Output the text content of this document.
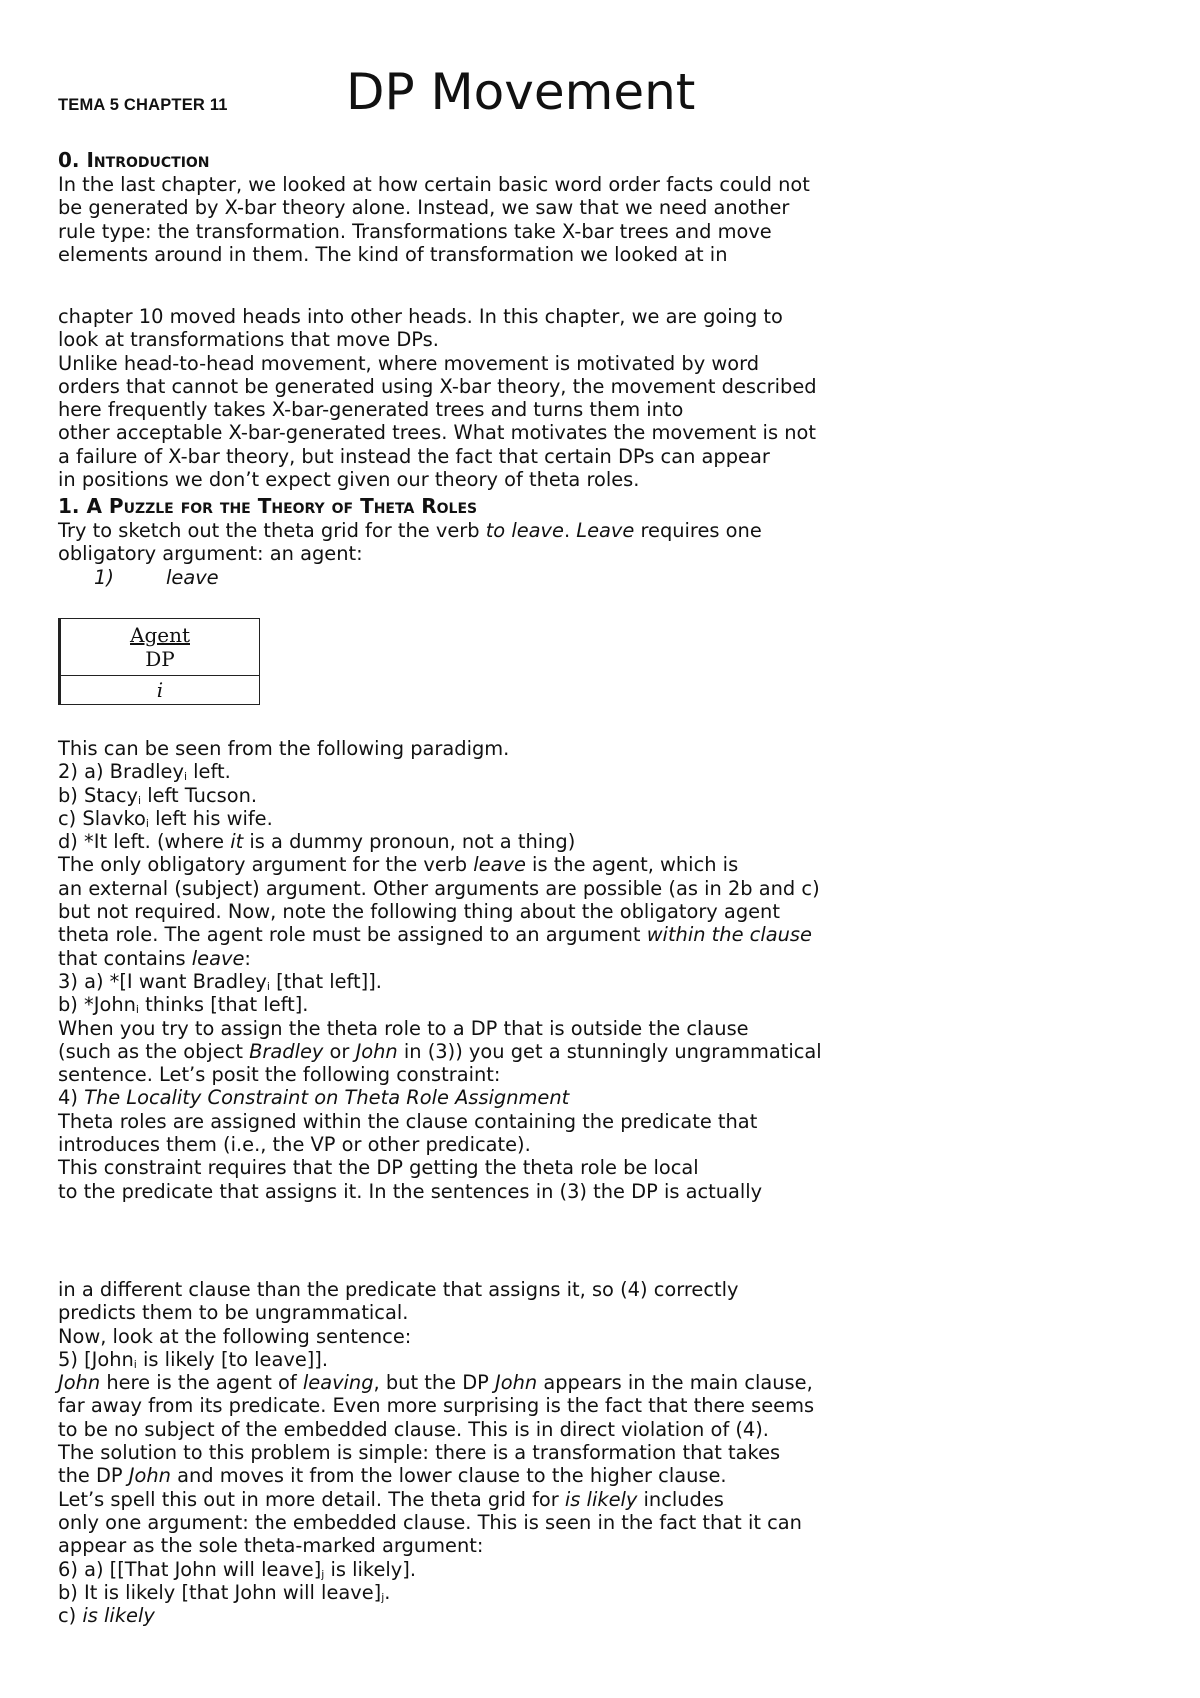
TEMA 5 CHAPTER 11 DP Movement
0. Introduction
In the last chapter, we looked at how certain basic word order facts could not
be generated by X-bar theory alone. Instead, we saw that we need another
rule type: the transformation. Transformations take X-bar trees and move
elements around in them. The kind of transformation we looked at in
chapter 10 moved heads into other heads. In this chapter, we are going to
look at transformations that move DPs.
Unlike head-to-head movement, where movement is motivated by word
orders that cannot be generated using X-bar theory, the movement described
here frequently takes X-bar-generated trees and turns them into
other acceptable X-bar-generated trees. What motivates the movement is not
a failure of X-bar theory, but instead the fact that certain DPs can appear
in positions we don’t expect given our theory of theta roles.
1. A Puzzle for the Theory of Theta Roles
Try to sketch out the theta grid for the verb to leave. Leave requires one
obligatory argument: an agent:
1)	leave
Agent
DP
i
This can be seen from the following paradigm.
2) a) Bradley$_i$ left.
b) Stacy$_i$ left Tucson.
c) Slavko$_i$ left his wife.
d) *It left. (where it is a dummy pronoun, not a thing)
The only obligatory argument for the verb leave is the agent, which is
an external (subject) argument. Other arguments are possible (as in 2b and c)
but not required. Now, note the following thing about the obligatory agent
theta role. The agent role must be assigned to an argument within the clause
that contains leave:
3) a) *[I want Bradley$_i$ [that left]].
b) *John$_i$ thinks [that left].
When you try to assign the theta role to a DP that is outside the clause
(such as the object Bradley or John in (3)) you get a stunningly ungrammatical
sentence. Let’s posit the following constraint:
4) The Locality Constraint on Theta Role Assignment
Theta roles are assigned within the clause containing the predicate that
introduces them (i.e., the VP or other predicate).
This constraint requires that the DP getting the theta role be local
to the predicate that assigns it. In the sentences in (3) the DP is actually
in a different clause than the predicate that assigns it, so (4) correctly
predicts them to be ungrammatical.
Now, look at the following sentence:
5) [John$_i$ is likely [to leave]].
John here is the agent of leaving, but the DP John appears in the main clause,
far away from its predicate. Even more surprising is the fact that there seems
to be no subject of the embedded clause. This is in direct violation of (4).
The solution to this problem is simple: there is a transformation that takes
the DP John and moves it from the lower clause to the higher clause.
Let’s spell this out in more detail. The theta grid for is likely includes
only one argument: the embedded clause. This is seen in the fact that it can
appear as the sole theta-marked argument:
6) a) [[That John will $leave]_j$ is likely].
b) It is likely [that John will $leave]_j$.
c) is likely
